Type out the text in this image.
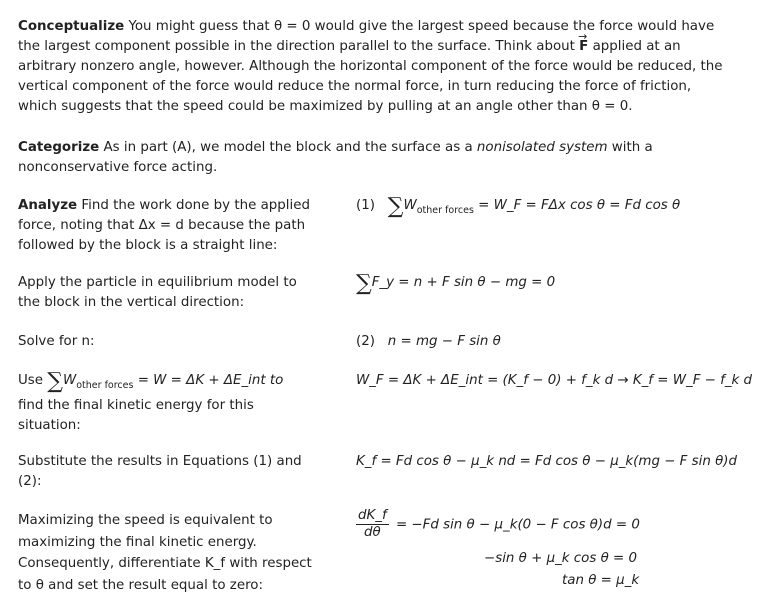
Conceptualize You might guess that θ = 0 would give the largest speed because the force would have the largest component possible in the direction parallel to the surface. Think about → F applied at an arbitrary nonzero angle, however. Although the horizontal component of the force would be reduced, the vertical component of the force would reduce the normal force, in turn reducing the force of friction, which suggests that the speed could be maximized by pulling at an angle other than θ = 0.
Categorize As in part (A), we model the block and the surface as a nonisolated system with a nonconservative force acting.
Analyze Find the work done by the applied force, noting that Δx = d because the path followed by the block is a straight line:
(1) $\sum W_{other forces}$ = W_F = FΔx cos θ = Fd cos θ
Apply the particle in equilibrium model to the block in the vertical direction:
∑F_y = n + F sin θ − mg = 0
Solve for n:	(2) n = mg − F sin θ
Use $\sum W_{other forces} = W = \Delta K$ + ΔE_int to
find the final kinetic energy for this situation:
W_F = ΔK + ΔE_int = (K_f − 0) + f_k d → K_f = W_F − f_k d
Substitute the results in Equations (1) and (2):
K_f = Fd cos θ − μ_k nd = Fd cos θ − μ_k(mg − F sin θ)d
Maximizing the speed is equivalent to maximizing the final kinetic energy. Consequently, differentiate K_f with respect to θ and set the result equal to zero:
$\frac{dK\_f}{d\theta} = -Fd$ sin θ − μ_k(0 − F cos θ)d = 0
−sin θ + μ_k cos θ = 0
tan θ = μ_k
